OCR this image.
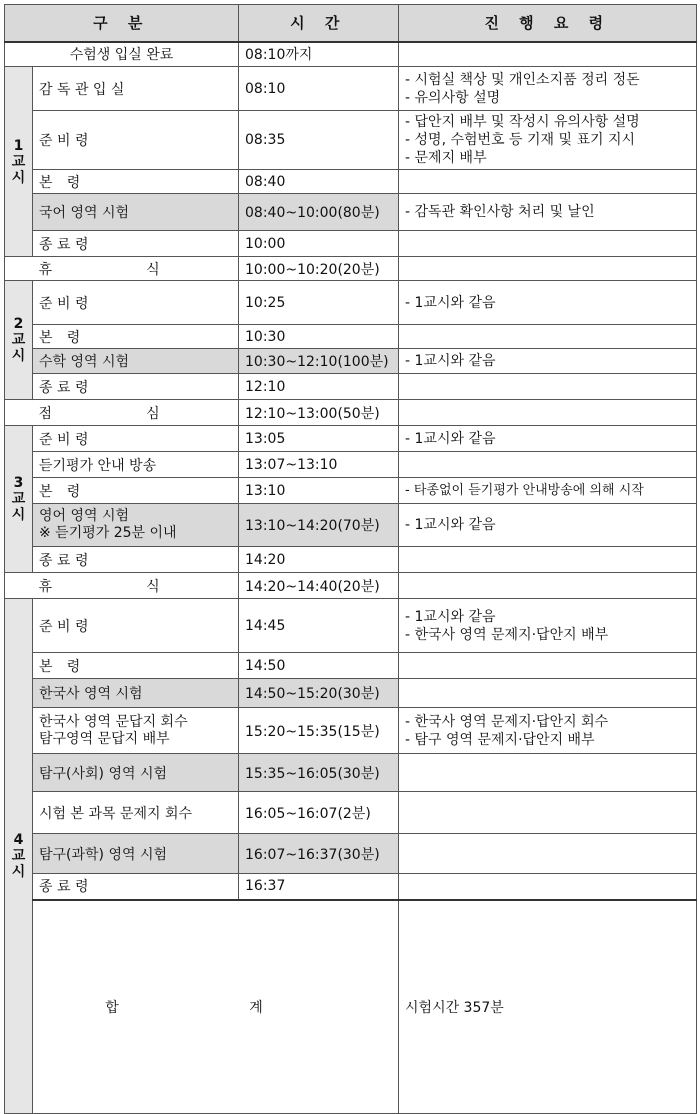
구 분		시 간	진 행 요 령	
수험생 입실 완료		08:10까지		

1
교
시	감 독 관 입 실	08:10	- 시험실 책상 및 개인소지품 정리 정돈
- 유의사항 설명	

	준 비 령	08:35	- 답안지 배부 및 작성시 유의사항 설명
- 성명, 수험번호 등 기재 및 표기 지시
- 문제지 배부	

	본 령	08:40		
	국어 영역 시험	08:40~10:00(80분)	- 감독관 확인사항 처리 및 날인	

	종 료 령	10:00		
휴 식		10:00~10:20(20분)		

2
교
시	준 비 령	10:25	- 1교시와 같음	

	본 령	10:30		
	수학 영역 시험	10:30~12:10(100분)	- 1교시와 같음	

	종 료 령	12:10		
점 심		12:10~13:00(50분)		

3
교
시	준 비 령	13:05	- 1교시와 같음	

	듣기평가 안내 방송	13:07~13:10		
	본 령	13:10	- 타종없이 듣기평가 안내방송에 의해 시작	

	영어 영역 시험
※ 듣기평가 25분 이내	13:10~14:20(70분)	- 1교시와 같음	

	종 료 령	14:20		
휴 식		14:20~14:40(20분)		

4
교
시	준 비 령	14:45	- 1교시와 같음
- 한국사 영역 문제지·답안지 배부	

	본 령	14:50		
	한국사 영역 시험	14:50~15:20(30분)		

	한국사 영역 문답지 회수
탐구영역 문답지 배부	15:20~15:35(15분)	- 한국사 영역 문제지·답안지 회수
- 탐구 영역 문제지·답안지 배부	

	탐구(사회) 영역 시험	15:35~16:05(30분)		
	시험 본 과목 문제지 회수	16:05~16:07(2분)		
	탐구(과학) 영역 시험	16:07~16:37(30분)		
	종 료 령	16:37		
	합 계		시험시간 357분	
